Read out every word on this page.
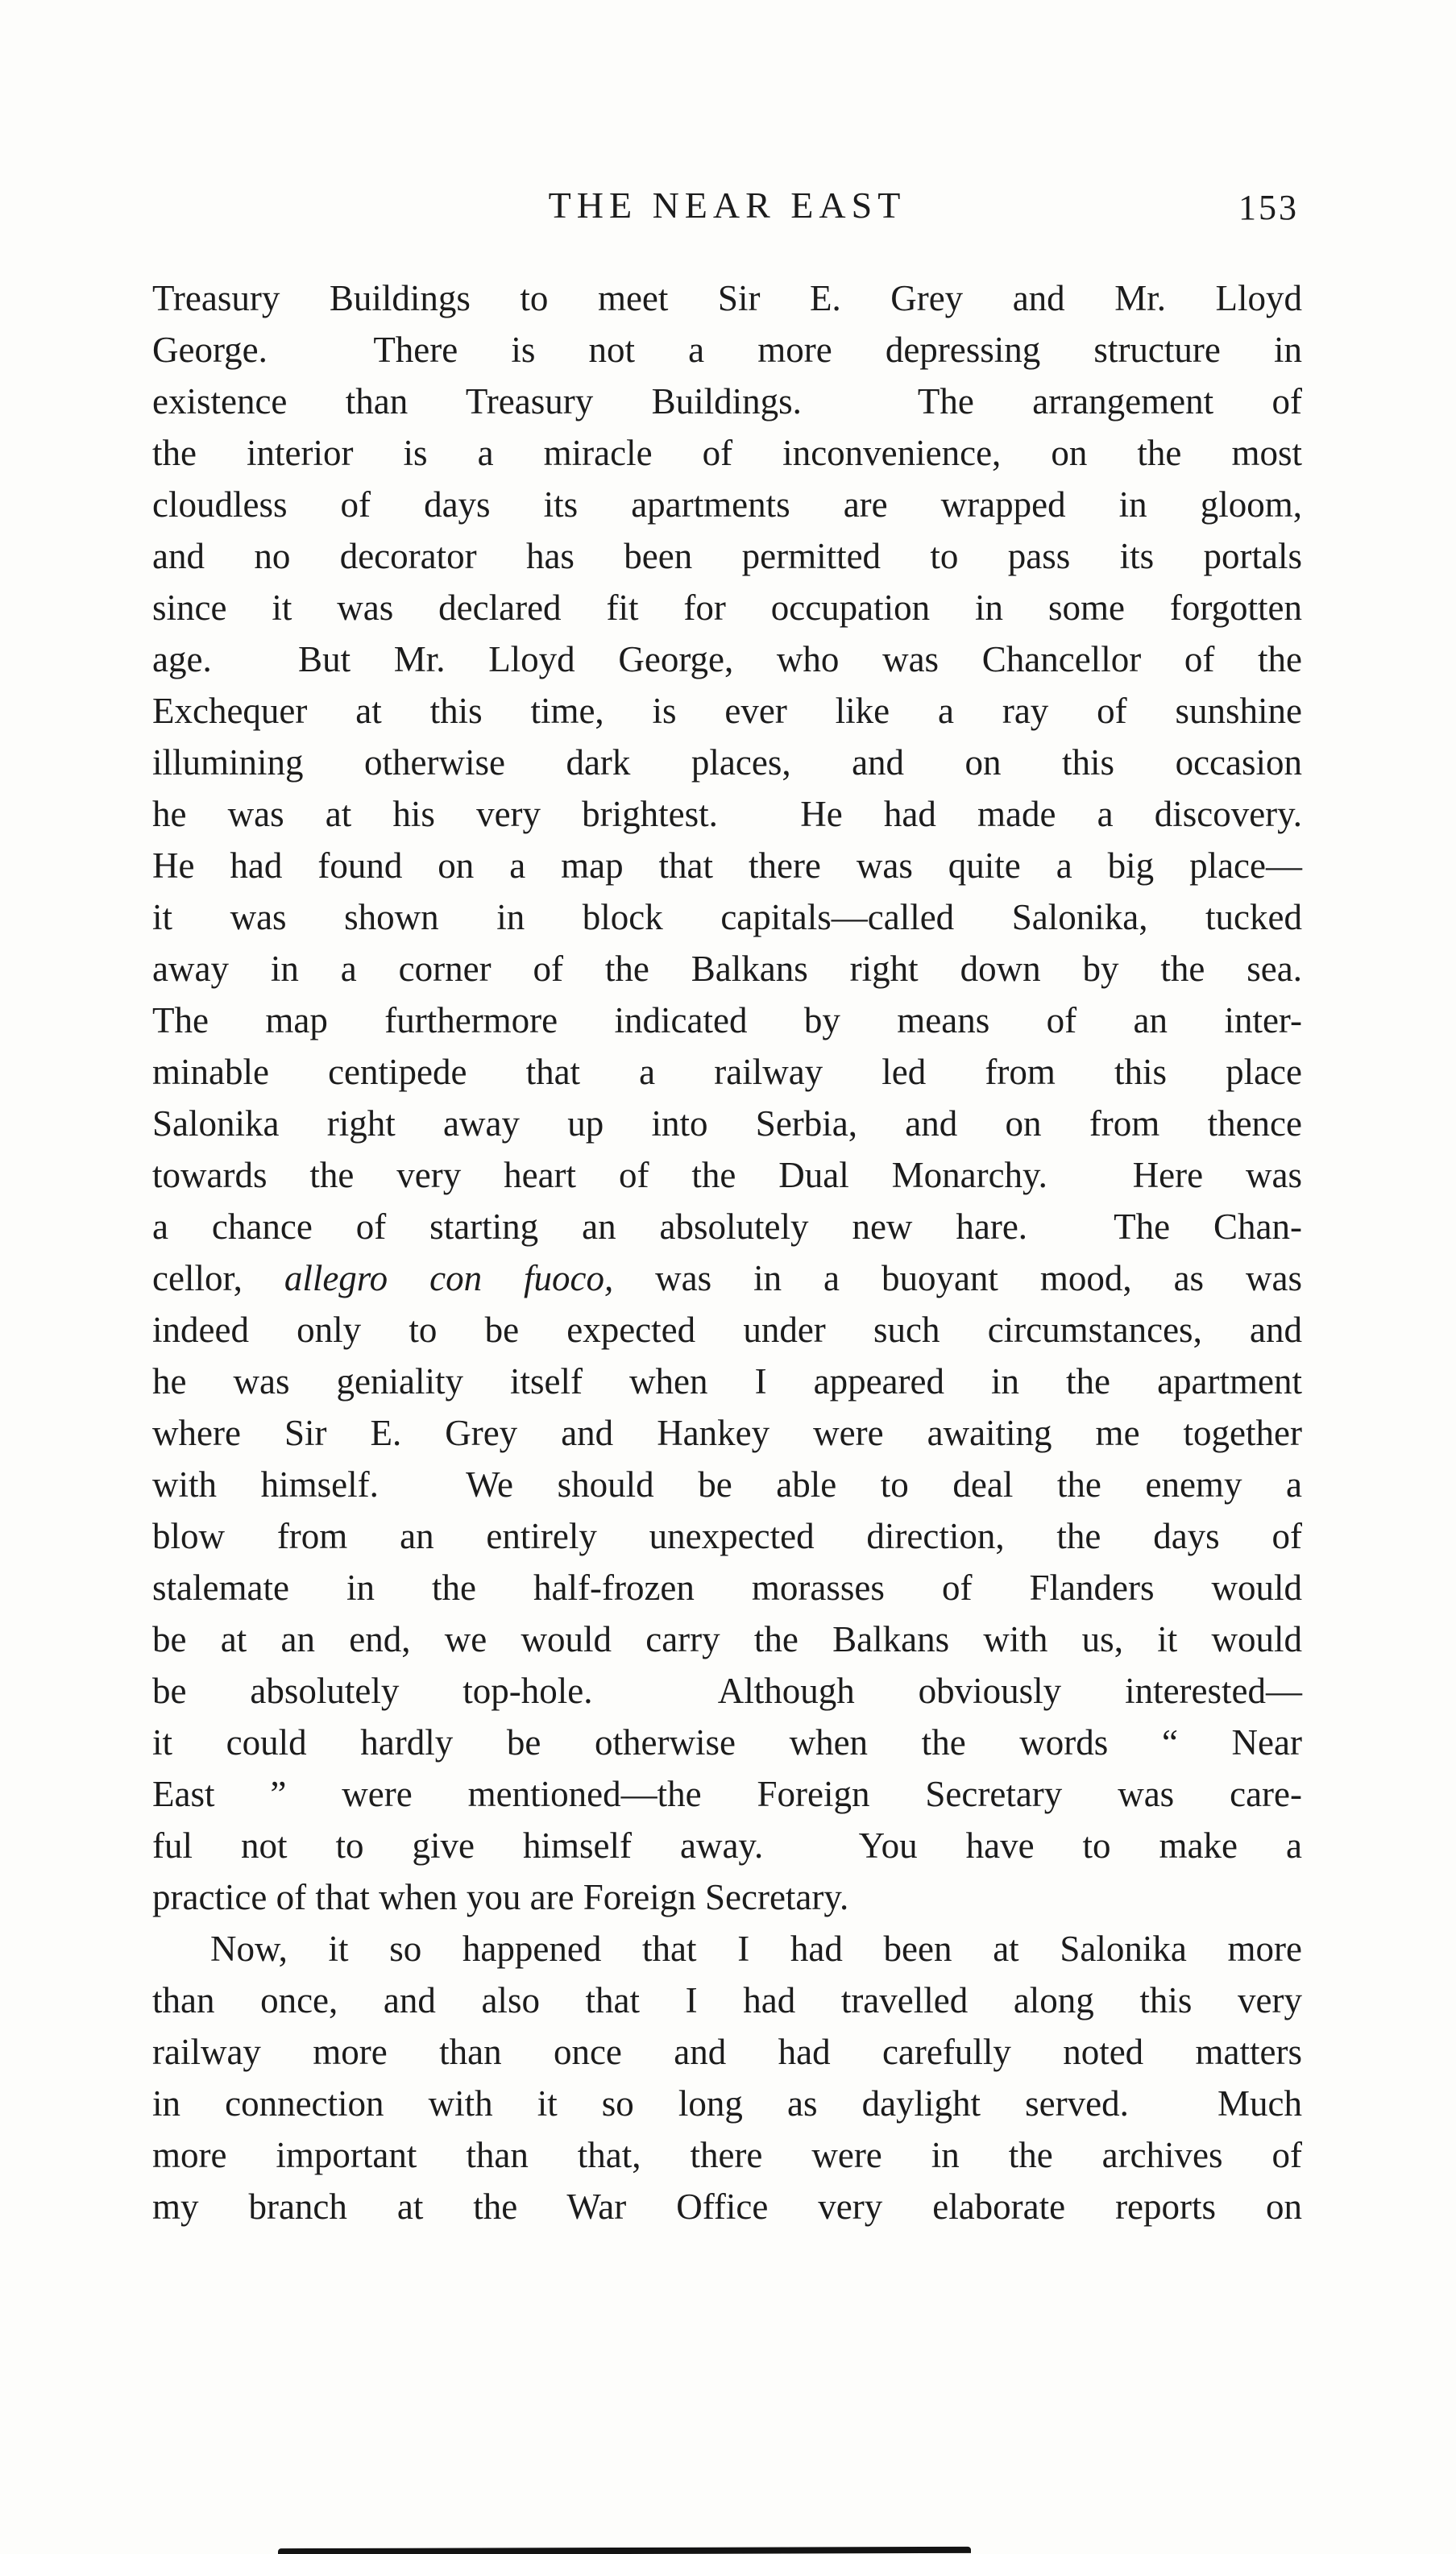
THE NEAR EAST	153
Treasury Buildings to meet Sir E. Grey and Mr. Lloyd
George.  There is not a more depressing structure in
existence than Treasury Buildings.  The arrangement of
the interior is a miracle of inconvenience, on the most
cloudless of days its apartments are wrapped in gloom,
and no decorator has been permitted to pass its portals
since it was declared fit for occupation in some forgotten
age.  But Mr. Lloyd George, who was Chancellor of the
Exchequer at this time, is ever like a ray of sunshine
illumining otherwise dark places, and on this occasion
he was at his very brightest.  He had made a discovery.
He had found on a map that there was quite a big place—
it was shown in block capitals—called Salonika, tucked
away in a corner of the Balkans right down by the sea.
The map furthermore indicated by means of an inter-
minable centipede that a railway led from this place
Salonika right away up into Serbia, and on from thence
towards the very heart of the Dual Monarchy.  Here was
a chance of starting an absolutely new hare.  The Chan-
cellor, allegro con fuoco, was in a buoyant mood, as was
indeed only to be expected under such circumstances, and
he was geniality itself when I appeared in the apartment
where Sir E. Grey and Hankey were awaiting me together
with himself.  We should be able to deal the enemy a
blow from an entirely unexpected direction, the days of
stalemate in the half-frozen morasses of Flanders would
be at an end, we would carry the Balkans with us, it would
be absolutely top-hole.  Although obviously interested—
it could hardly be otherwise when the words “ Near
East ” were mentioned—the Foreign Secretary was care-
ful not to give himself away.  You have to make a
practice of that when you are Foreign Secretary.
Now, it so happened that I had been at Salonika more
than once, and also that I had travelled along this very
railway more than once and had carefully noted matters
in connection with it so long as daylight served.  Much
more important than that, there were in the archives of
my branch at the War Office very elaborate reports on
